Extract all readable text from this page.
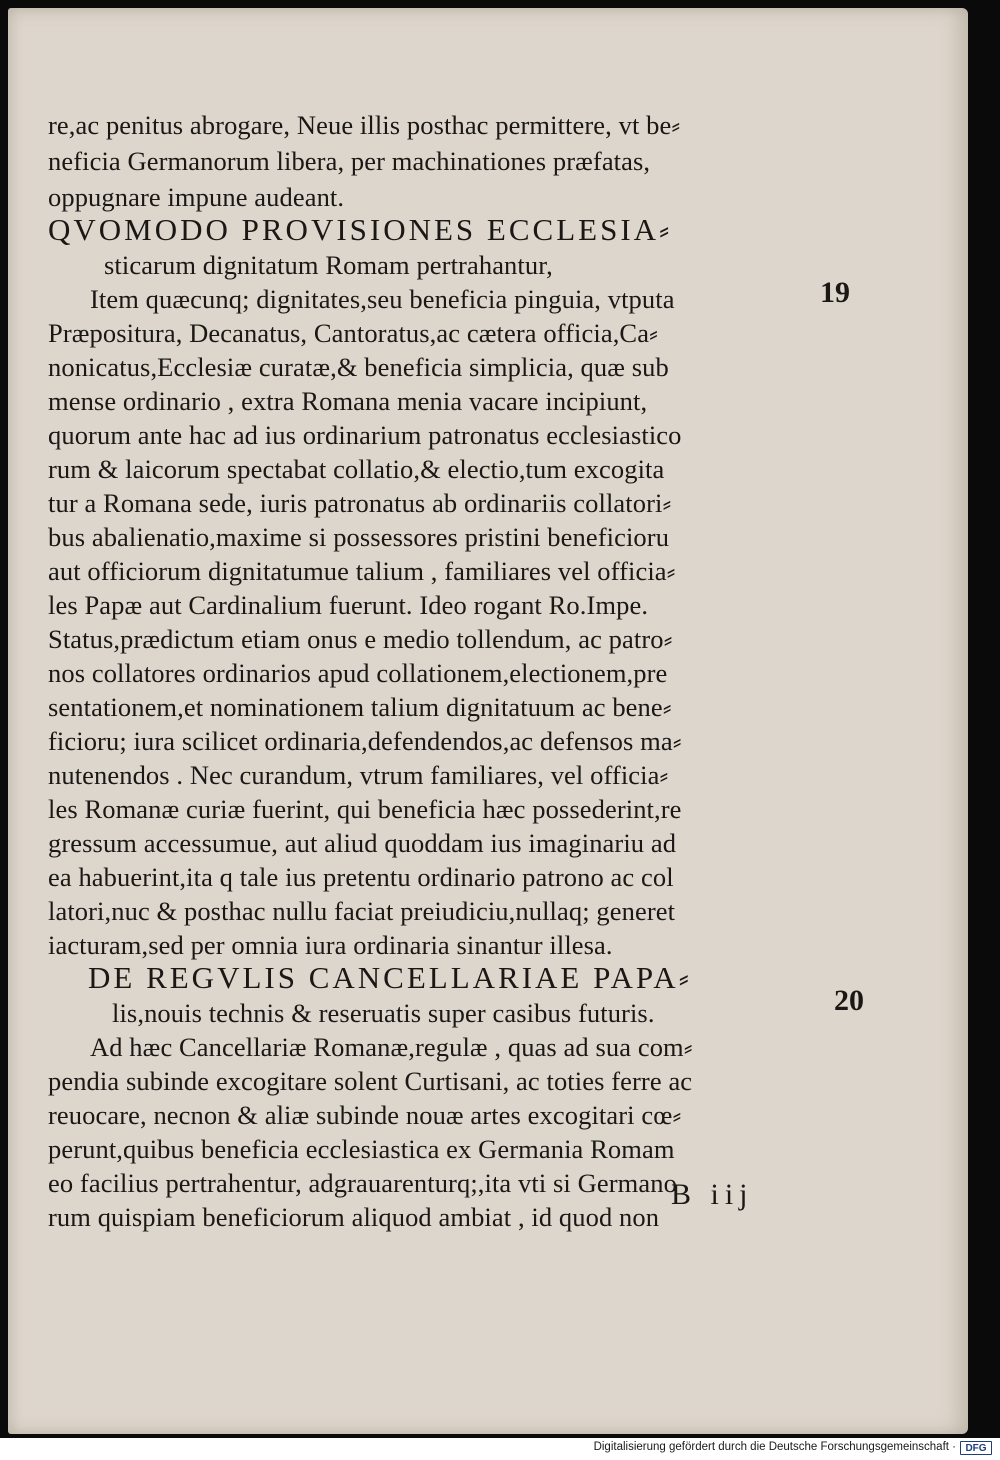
re,ac penitus abrogare, Neue illis posthac permittere, vt be⸗
neficia Germanorum libera, per machinationes præfatas,
oppugnare impune audeant.
QVOMODO PROVISIONES ECCLESIA⸗
sticarum dignitatum Romam pertrahantur,
Item quæcunq; dignitates,seu beneficia pinguia, vtputa
Præpositura, Decanatus, Cantoratus,ac cætera officia,Ca⸗
nonicatus,Ecclesiæ curatæ,& beneficia simplicia, quæ sub
mense ordinario , extra Romana menia vacare incipiunt,
quorum ante hac ad ius ordinarium patronatus ecclesiastico
rum & laicorum spectabat collatio,& electio,tum excogita
tur a Romana sede, iuris patronatus ab ordinariis collatori⸗
bus abalienatio,maxime si possessores pristini beneficioru
aut officiorum dignitatumue talium , familiares vel officia⸗
les Papæ aut Cardinalium fuerunt. Ideo rogant Ro.Impe.
Status,prædictum etiam onus e medio tollendum, ac patro⸗
nos collatores ordinarios apud collationem,electionem,pre
sentationem,et nominationem talium dignitatuum ac bene⸗
ficioru; iura scilicet ordinaria,defendendos,ac defensos ma⸗
nutenendos . Nec curandum, vtrum familiares, vel officia⸗
les Romanæ curiæ fuerint, qui beneficia hæc possederint,re
gressum accessumue, aut aliud quoddam ius imaginariu ad
ea habuerint,ita q tale ius pretentu ordinario patrono ac col
latori,nuc & posthac nullu faciat preiudiciu,nullaq; generet
iacturam,sed per omnia iura ordinaria sinantur illesa.
DE REGVLIS CANCELLARIAE PAPA⸗
lis,nouis technis & reseruatis super casibus futuris.
Ad hæc Cancellariæ Romanæ,regulæ , quas ad sua com⸗
pendia subinde excogitare solent Curtisani, ac toties ferre ac
reuocare, necnon & aliæ subinde nouæ artes excogitari cœ⸗
perunt,quibus beneficia ecclesiastica ex Germania Romam
eo facilius pertrahentur, adgrauarenturq;,ita vti si Germano
rum quispiam beneficiorum aliquod ambiat , id quod non
19
20
B iij
Digitalisierung gefördert durch die Deutsche Forschungsgemeinschaft · DFG
